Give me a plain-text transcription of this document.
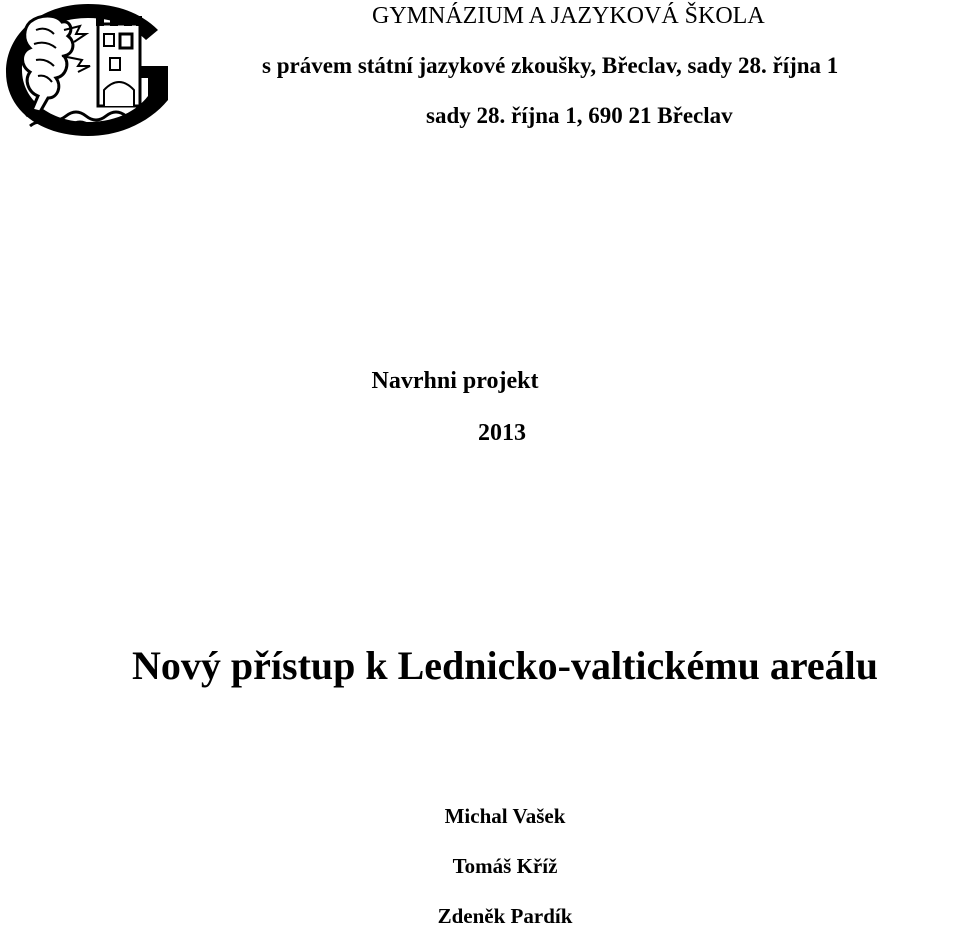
GYMNÁZIUM A JAZYKOVÁ ŠKOLA
s právem státní jazykové zkoušky, Břeclav, sady 28. října 1
sady 28. října 1, 690 21 Břeclav
Navrhni projekt
2013
Nový přístup k Lednicko-valtickému areálu
Michal Vašek
Tomáš Kříž
Zdeněk Pardík
